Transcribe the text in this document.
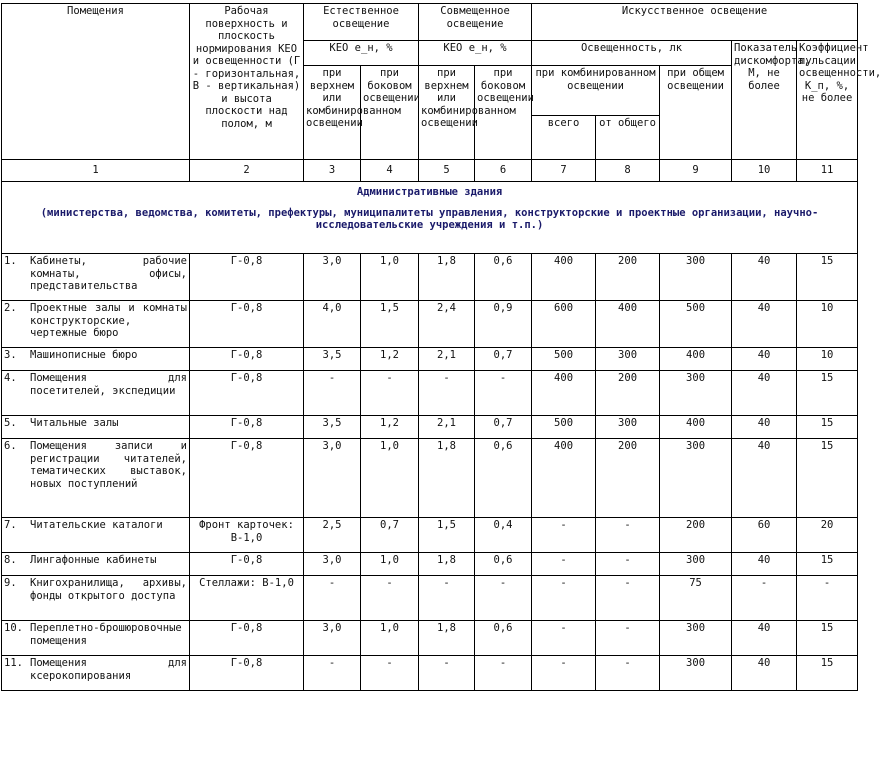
Помещения	Рабочая поверхность и плоскость нормирования КЕО и освещенности (Г - горизонтальная, В - вертикальная) и высота плоскости над полом, м	Естественное освещение		Совмещенное освещение		Искусственное освещение				
		КЕО е_н, %		КЕО е_н, %		Освещенность, лк			Показатель дискомфорта, М, не более	Коэффициент пульсации освещенности, К_п, %, не более
		при верхнем или комбинированном освещении	при боковом освещении	при верхнем или комбинированном освещении	при боковом освещении	при комбинированном освещении		при общем освещении		
						всего	от общего			
1	2	3	4	5	6	7	8	9	10	11

Административные здания
(министерства, ведомства, комитеты, префектуры, муниципалитеты управления, конструкторские и проектные организации, научно-исследовательские учреждения и т.п.)										

1. Кабинеты, рабочие комнаты, офисы, представительства	Г-0,8	3,0	1,0	1,8	0,6	400	200	300	40	15

2. Проектные залы и комнаты конструкторские, чертежные бюро	Г-0,8	4,0	1,5	2,4	0,9	600	400	500	40	10

3. Машинописные бюро	Г-0,8	3,5	1,2	2,1	0,7	500	300	400	40	10

4. Помещения для посетителей, экспедиции	Г-0,8	-	-	-	-	400	200	300	40	15

5. Читальные залы	Г-0,8	3,5	1,2	2,1	0,7	500	300	400	40	15

6. Помещения записи и регистрации читателей, тематических выставок, новых поступлений	Г-0,8	3,0	1,0	1,8	0,6	400	200	300	40	15

7. Читательские каталоги	Фронт карточек: В-1,0	2,5	0,7	1,5	0,4	-	-	200	60	20

8. Лингафонные кабинеты	Г-0,8	3,0	1,0	1,8	0,6	-	-	300	40	15

9. Книгохранилища, архивы, фонды открытого доступа	Стеллажи: В-1,0	-	-	-	-	-	-	75	-	-

10. Переплетно-брошюровочные помещения	Г-0,8	3,0	1,0	1,8	0,6	-	-	300	40	15

11. Помещения для ксерокопирования	Г-0,8	-	-	-	-	-	-	300	40	15
